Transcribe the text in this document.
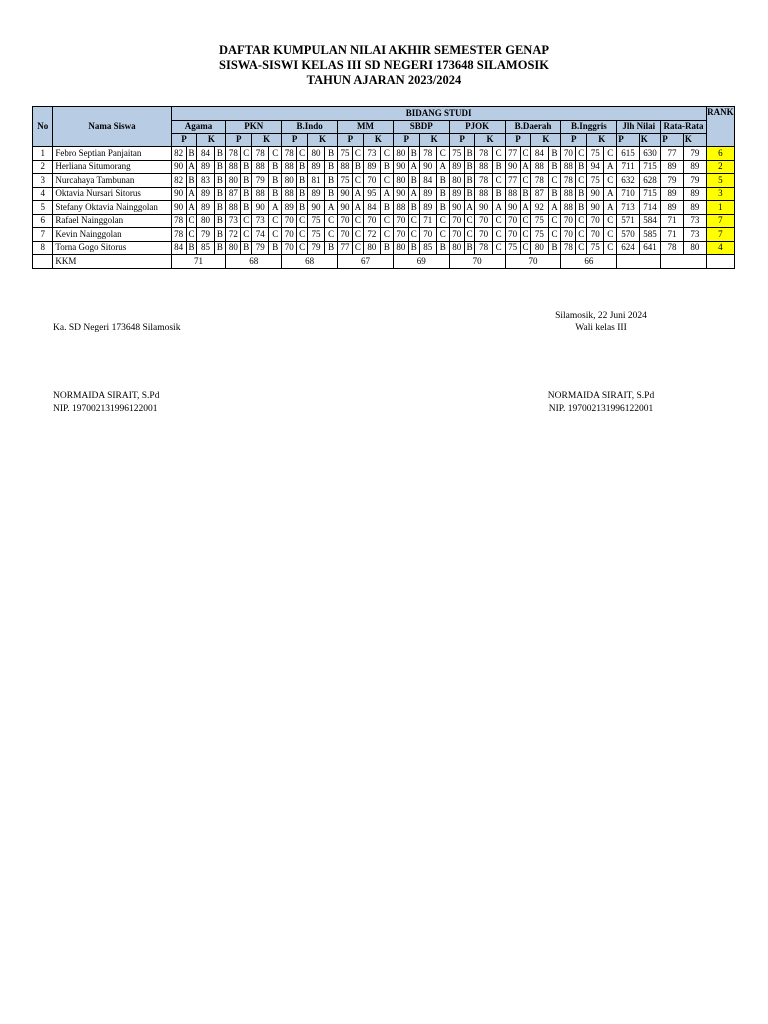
DAFTAR KUMPULAN NILAI AKHIR SEMESTER GENAP
SISWA-SISWI KELAS III SD NEGERI 173648 SILAMOSIK
TAHUN AJARAN 2023/2024
No	Nama Siswa	BIDANG STUDI																																				RANK
		Agama				PKN				B.Indo				MM				SBDP				PJOK				B.Daerah				B.Inggris				Jlh Nilai		Rata-Rata		
		P		K		P		K		P		K		P		K		P		K		P		K		P		K		P		K		P	K	P	K	
1	Febro Septian Panjaitan	82	B	84	B	78	C	78	C	78	C	80	B	75	C	73	C	80	B	78	C	75	B	78	C	77	C	84	B	70	C	75	C	615	630	77	79	6
2	Herliana Situmorang	90	A	89	B	88	B	88	B	88	B	89	B	88	B	89	B	90	A	90	A	89	B	88	B	90	A	88	B	88	B	94	A	711	715	89	89	2
3	Nurcahaya Tambunan	82	B	83	B	80	B	79	B	80	B	81	B	75	C	70	C	80	B	84	B	80	B	78	C	77	C	78	C	78	C	75	C	632	628	79	79	5
4	Oktavia Nursari Sitorus	90	A	89	B	87	B	88	B	88	B	89	B	90	A	95	A	90	A	89	B	89	B	88	B	88	B	87	B	88	B	90	A	710	715	89	89	3
5	Stefany Oktavia Nainggolan	90	A	89	B	88	B	90	A	89	B	90	A	90	A	84	B	88	B	89	B	90	A	90	A	90	A	92	A	88	B	90	A	713	714	89	89	1
6	Rafael Nainggolan	78	C	80	B	73	C	73	C	70	C	75	C	70	C	70	C	70	C	71	C	70	C	70	C	70	C	75	C	70	C	70	C	571	584	71	73	7
7	Kevin Nainggolan	78	C	79	B	72	C	74	C	70	C	75	C	70	C	72	C	70	C	70	C	70	C	70	C	70	C	75	C	70	C	70	C	570	585	71	73	7
8	Torna Gogo Sitorus	84	B	85	B	80	B	79	B	70	C	79	B	77	C	80	B	80	B	85	B	80	B	78	C	75	C	80	B	78	C	75	C	624	641	78	80	4
	KKM	71				68				68				67				69				70				70				66								
Ka. SD Negeri 173648 Silamosik
NORMAIDA SIRAIT, S.Pd
NIP. 197002131996122001
Silamosik, 22 Juni 2024
Wali kelas III
NORMAIDA SIRAIT, S.Pd
NIP. 197002131996122001
